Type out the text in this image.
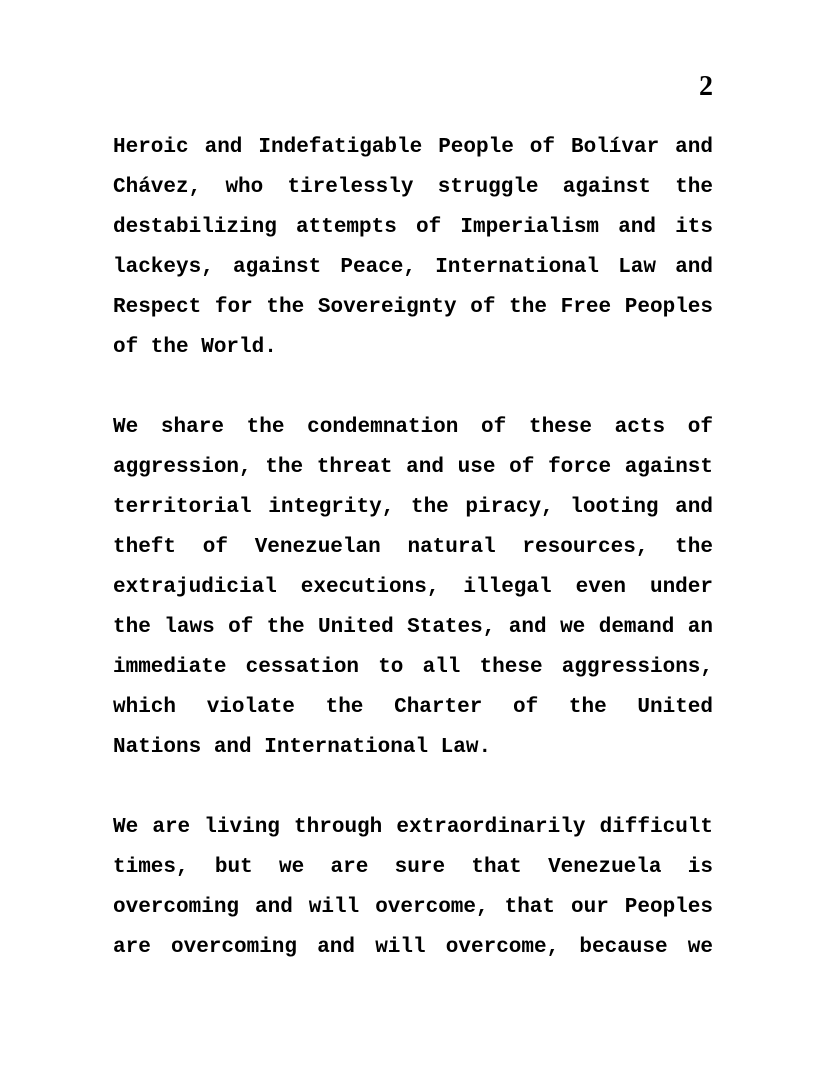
2
Heroic and Indefatigable People of Bolívar and
Chávez, who tirelessly struggle against the
destabilizing attempts of Imperialism and its
lackeys, against Peace, International Law and
Respect for the Sovereignty of the Free Peoples
of the World.
We share the condemnation of these acts of
aggression, the threat and use of force against
territorial integrity, the piracy, looting and
theft of Venezuelan natural resources, the
extrajudicial executions, illegal even under
the laws of the United States, and we demand an
immediate cessation to all these aggressions,
which violate the Charter of the United
Nations and International Law.
We are living through extraordinarily difficult
times, but we are sure that Venezuela is
overcoming and will overcome, that our Peoples
are overcoming and will overcome, because we
